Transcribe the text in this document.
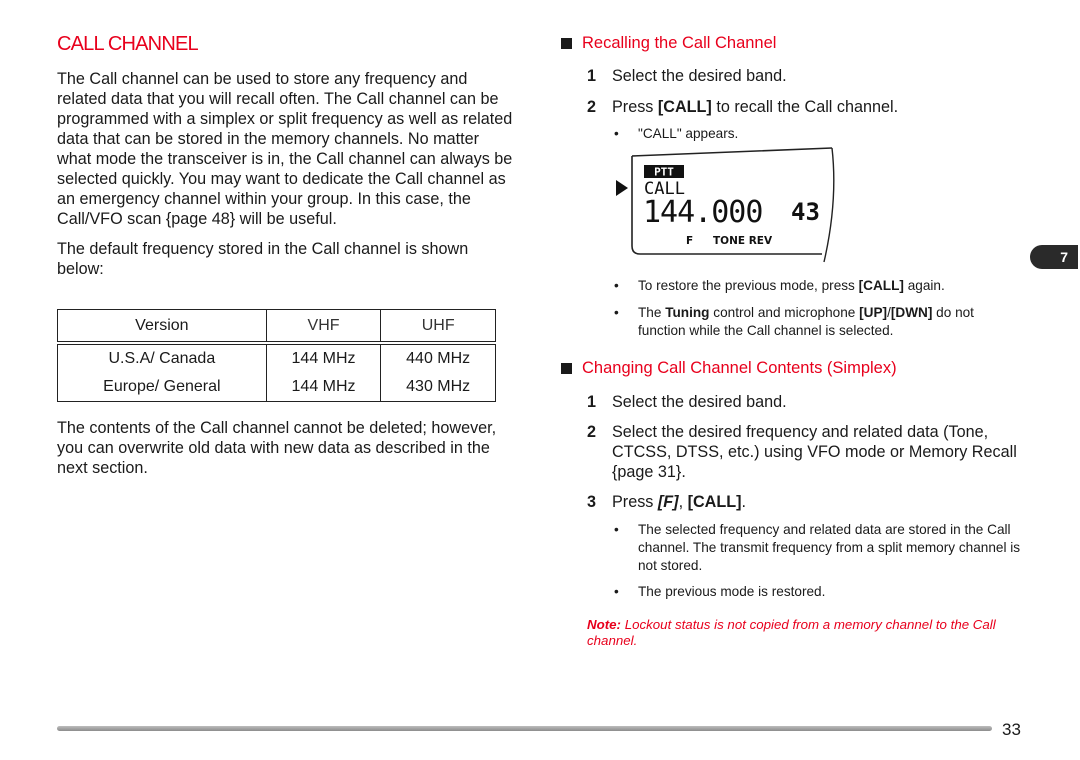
CALL CHANNEL

The Call channel can be used to store any frequency and related data that you will recall often. The Call channel can be programmed with a simplex or split frequency as well as related data that can be stored in the memory channels. No matter what mode the transceiver is in, the Call channel can always be selected quickly. You may want to dedicate the Call channel as an emergency channel within your group. In this case, the Call/VFO scan {page 48} will be useful.

The default frequency stored in the Call channel is shown below:

Version	VHF	UHF
U.S.A/ Canada	144 MHz	440 MHz
Europe/ General	144 MHz	430 MHz

The contents of the Call channel cannot be deleted; however, you can overwrite old data with new data as described in the next section.

Recalling the Call Channel
1 Select the desired band.
2 Press [CALL] to recall the Call channel.
• "CALL" appears.
PTT
CALL
144.000 43
F TONE REV
• To restore the previous mode, press [CALL] again.
• The Tuning control and microphone [UP]/[DWN] do not function while the Call channel is selected.
7
Changing Call Channel Contents (Simplex)
1 Select the desired band.
2 Select the desired frequency and related data (Tone, CTCSS, DTSS, etc.) using VFO mode or Memory Recall {page 31}.
3 Press [F], [CALL].
• The selected frequency and related data are stored in the Call channel. The transmit frequency from a split memory channel is not stored.
• The previous mode is restored.
Note: Lockout status is not copied from a memory channel to the Call channel.
33
